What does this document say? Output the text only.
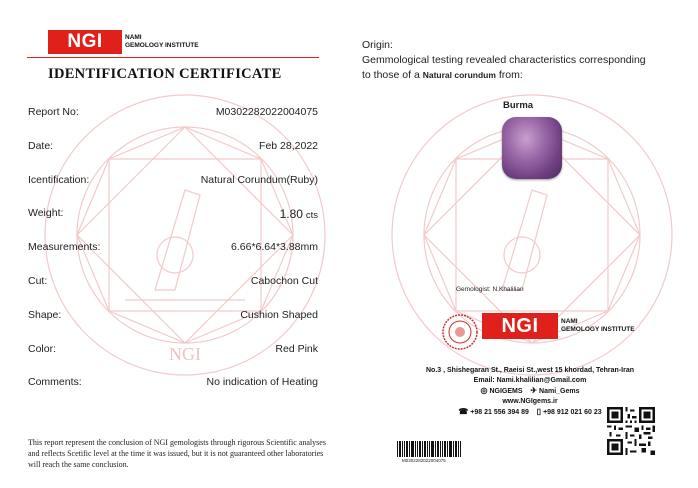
NGI
NGI	NAMI
GEMOLOGY INSTITUTE
IDENTIFICATION CERTIFICATE
Report No:	M0302282022004075
Date:	Feb 28,2022
Icentification:	Natural Corundum(Ruby)
Weight:	1.80 cts
Measurements:	6.66*6.64*3.88mm
Cut:	Cabochon Cut
Shape:	Cushion Shaped
Color:	Red Pink
Comments:	No indication of Heating
This report represent the conclusion of NGI gemologists through rigorous Scientific analyses and reflects Scetific level at the time it was issued, but it is not guaranteed other laboratories will reach the same conclusion.
Origin:
Gemmological testing revealed characteristics corresponding
to those of a Natural corundum from:
Burma
Gemologist: N.Khalilian
NGI	NAMI
GEMOLOGY INSTITUTE
No.3 , Shishegaran St., Raeisi St.,west 15 khordad, Tehran-Iran
Email: Nami.khalilian@Gmail.com
◎ NGIGEMS ✈ Nami_Gems
www.NGIgems.ir
☎ +98 21 556 394 89 ▯ +98 912 021 60 23
M0302282022004075
